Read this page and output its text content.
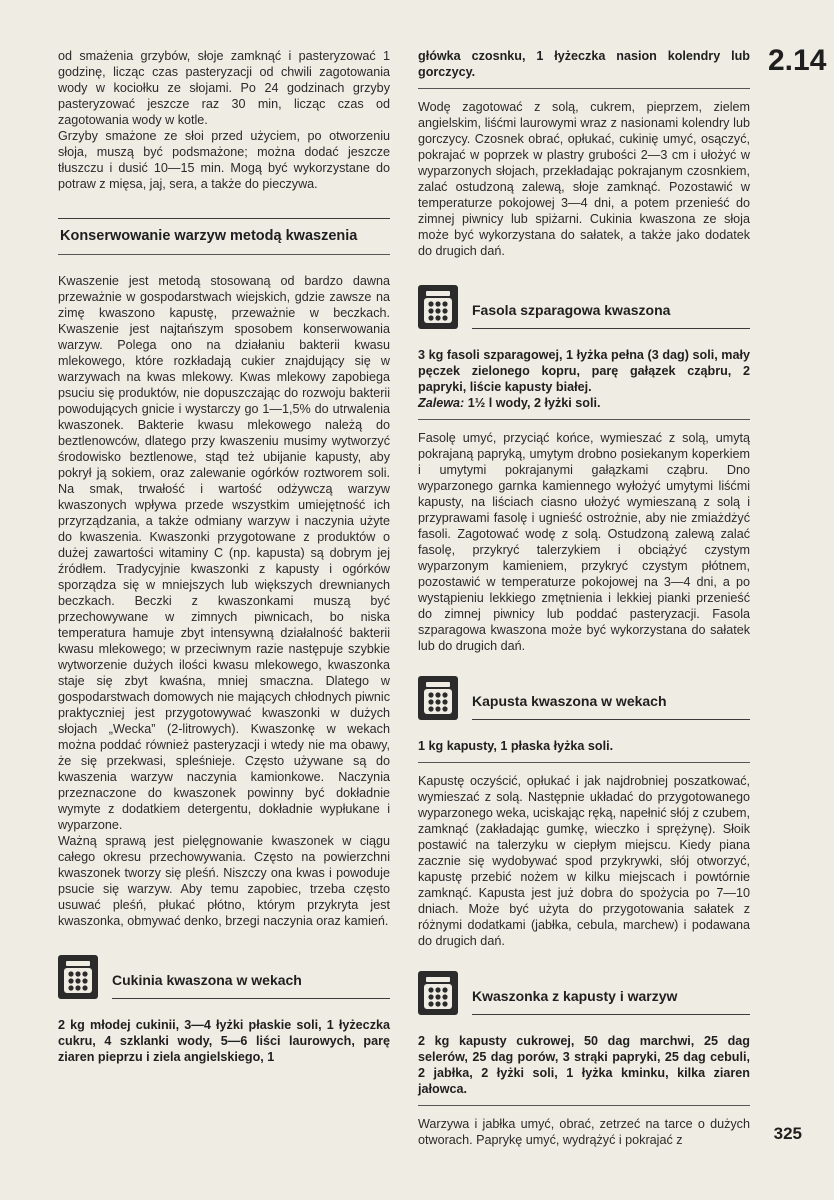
2.14

od smażenia grzybów, słoje zamknąć i pasteryzować 1 godzinę, licząc czas pasteryzacji od chwili zagotowania wody w kociołku ze słojami. Po 24 godzinach grzyby pasteryzować jeszcze raz 30 min, licząc czas od zagotowania wody w kotle.

Grzyby smażone ze słoi przed użyciem, po otworzeniu słoja, muszą być podsmażone; można dodać jeszcze tłuszczu i dusić 10—15 min. Mogą być wykorzystane do potraw z mięsa, jaj, sera, a także do pieczywa.

Konserwowanie warzyw metodą kwaszenia

Kwaszenie jest metodą stosowaną od bardzo dawna przeważnie w gospodarstwach wiejskich, gdzie zawsze na zimę kwaszono kapustę, przeważnie w beczkach. Kwaszenie jest najtańszym sposobem konserwowania warzyw. Polega ono na działaniu bakterii kwasu mlekowego, które rozkładają cukier znajdujący się w warzywach na kwas mlekowy. Kwas mlekowy zapobiega psuciu się produktów, nie dopuszczając do rozwoju bakterii powodujących gnicie i wystarczy go 1—1,5% do utrwalenia kwaszonek. Bakterie kwasu mlekowego należą do beztlenowców, dlatego przy kwaszeniu musimy wytworzyć środowisko beztlenowe, stąd też ubijanie kapusty, aby pokrył ją sokiem, oraz zalewanie ogórków roztworem soli. Na smak, trwałość i wartość odżywczą warzyw kwaszonych wpływa przede wszystkim umiejętność ich przyrządzania, a także odmiany warzyw i naczynia użyte do kwaszenia. Kwaszonki przygotowane z produktów o dużej zawartości witaminy C (np. kapusta) są dobrym jej źródłem. Tradycyjnie kwaszonki z kapusty i ogórków sporządza się w mniejszych lub większych drewnianych beczkach. Beczki z kwaszonkami muszą być przechowywane w zimnych piwnicach, bo niska temperatura hamuje zbyt intensywną działalność bakterii kwasu mlekowego; w przeciwnym razie następuje szybkie wytworzenie dużych ilości kwasu mlekowego, kwaszonka staje się zbyt kwaśna, mniej smaczna. Dlatego w gospodarstwach domowych nie mających chłodnych piwnic praktyczniej jest przygotowywać kwaszonki w dużych słojach „Wecka” (2-litrowych). Kwaszonkę w wekach można poddać również pasteryzacji i wtedy nie ma obawy, że się przekwasi, spleśnieje. Często używane są do kwaszenia warzyw naczynia kamionkowe. Naczynia przeznaczone do kwaszonek powinny być dokładnie wymyte z dodatkiem detergentu, dokładnie wypłukane i wyparzone.

Ważną sprawą jest pielęgnowanie kwaszonek w ciągu całego okresu przechowywania. Często na powierzchni kwaszonek tworzy się pleśń. Niszczy ona kwas i powoduje psucie się warzyw. Aby temu zapobiec, trzeba często usuwać pleśń, płukać płótno, którym przykryta jest kwaszonka, obmywać denko, brzegi naczynia oraz kamień.

Cukinia kwaszona w wekach

2 kg młodej cukinii, 3—4 łyżki płaskie soli, 1 łyżeczka cukru, 4 szklanki wody, 5—6 liści laurowych, parę ziaren pieprzu i ziela angielskiego, 1

główka czosnku, 1 łyżeczka nasion kolendry lub gorczycy.

Wodę zagotować z solą, cukrem, pieprzem, zielem angielskim, liśćmi laurowymi wraz z nasionami kolendry lub gorczycy. Czosnek obrać, opłukać, cukinię umyć, osączyć, pokrajać w poprzek w plastry grubości 2—3 cm i ułożyć w wyparzonych słojach, przekładając pokrajanym czosnkiem, zalać ostudzoną zalewą, słoje zamknąć. Pozostawić w temperaturze pokojowej 3—4 dni, a potem przenieść do zimnej piwnicy lub spiżarni. Cukinia kwaszona ze słoja może być wykorzystana do sałatek, a także jako dodatek do drugich dań.

Fasola szparagowa kwaszona

3 kg fasoli szparagowej, 1 łyżka pełna (3 dag) soli, mały pęczek zielonego kopru, parę gałązek cząbru, 2 papryki, liście kapusty białej.

Zalewa: 1½ l wody, 2 łyżki soli.

Fasolę umyć, przyciąć końce, wymieszać z solą, umytą pokrajaną papryką, umytym drobno posiekanym koperkiem i umytymi pokrajanymi gałązkami cząbru. Dno wyparzonego garnka kamiennego wyłożyć umytymi liśćmi kapusty, na liściach ciasno ułożyć wymieszaną z solą i przyprawami fasolę i ugnieść ostrożnie, aby nie zmiażdżyć fasoli. Zagotować wodę z solą. Ostudzoną zalewą zalać fasolę, przykryć talerzykiem i obciążyć czystym wyparzonym kamieniem, przykryć czystym płótnem, pozostawić w temperaturze pokojowej na 3—4 dni, a po wystąpieniu lekkiego zmętnienia i lekkiej pianki przenieść do zimnej piwnicy lub poddać pasteryzacji. Fasola szparagowa kwaszona może być wykorzystana do sałatek lub do drugich dań.

Kapusta kwaszona w wekach

1 kg kapusty, 1 płaska łyżka soli.

Kapustę oczyścić, opłukać i jak najdrobniej poszatkować, wymieszać z solą. Następnie układać do przygotowanego wyparzonego weka, uciskając ręką, napełnić słój z czubem, zamknąć (zakładając gumkę, wieczko i sprężynę). Słoik postawić na talerzyku w ciepłym miejscu. Kiedy piana zacznie się wydobywać spod przykrywki, słój otworzyć, kapustę przebić nożem w kilku miejscach i powtórnie zamknąć. Kapusta jest już dobra do spożycia po 7—10 dniach. Może być użyta do przygotowania sałatek z różnymi dodatkami (jabłka, cebula, marchew) i podawana do drugich dań.

Kwaszonka z kapusty i warzyw

2 kg kapusty cukrowej, 50 dag marchwi, 25 dag selerów, 25 dag porów, 3 strąki papryki, 25 dag cebuli, 2 jabłka, 2 łyżki soli, 1 łyżka kminku, kilka ziaren jałowca.

Warzywa i jabłka umyć, obrać, zetrzeć na tarce o dużych otworach. Paprykę umyć, wydrążyć i pokrajać z	325
